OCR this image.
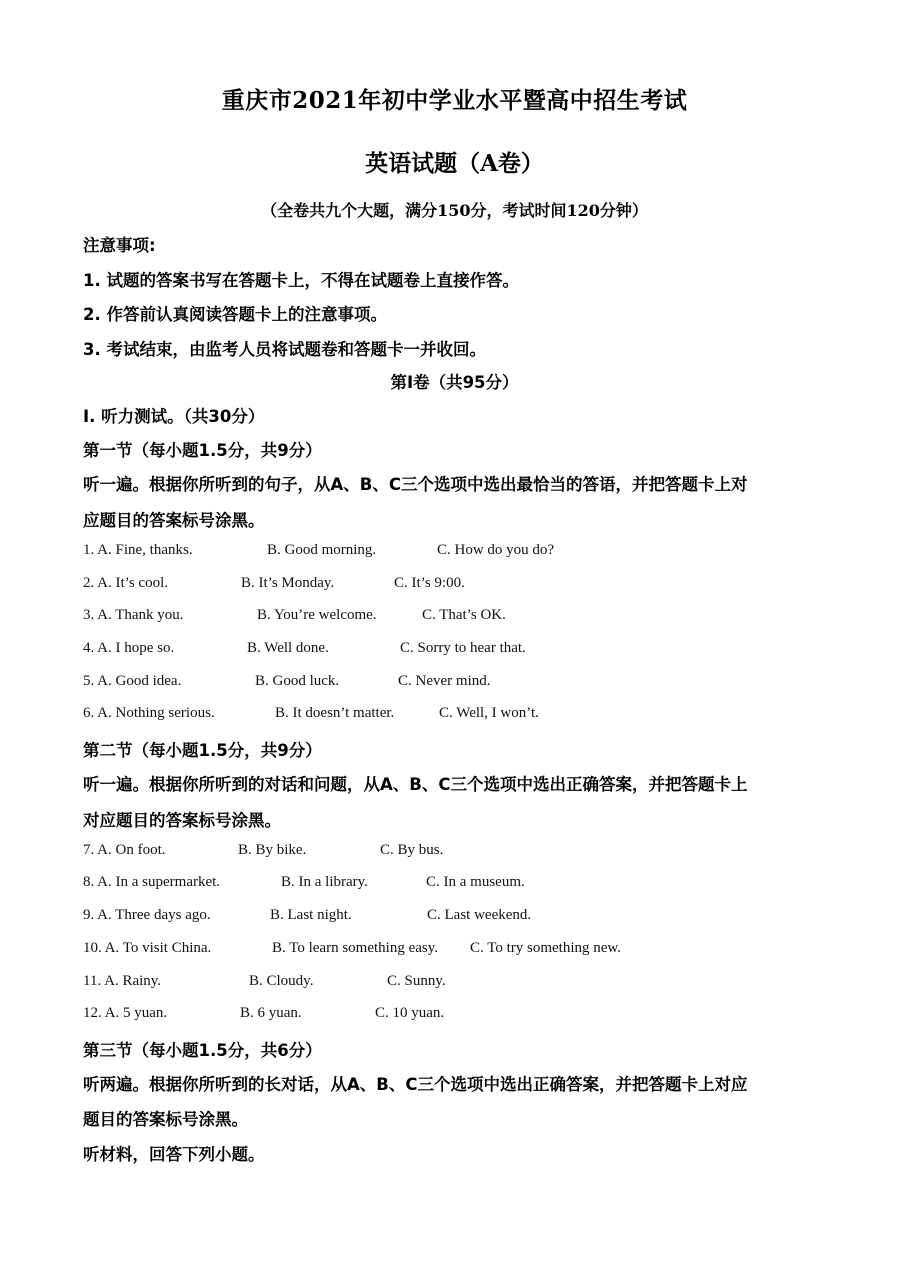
重庆市2021年初中学业水平暨高中招生考试
英语试题（A卷）
（全卷共九个大题，满分150分，考试时间120分钟）
注意事项:
1. 试题的答案书写在答题卡上，不得在试题卷上直接作答。
2. 作答前认真阅读答题卡上的注意事项。
3. 考试结束，由监考人员将试题卷和答题卡一并收回。
第I卷（共95分）
I. 听力测试。（共30分）
第一节（每小题1.5分，共9分）
听一遍。根据你所听到的句子，从A、B、C三个选项中选出最恰当的答语，并把答题卡上对
应题目的答案标号涂黑。
1. A. Fine, thanks.	B. Good morning.	C. How do you do?
2. A. It’s cool.	B. It’s Monday.	C. It’s 9:00.
3. A. Thank you.	B. You’re welcome.	C. That’s OK.
4. A. I hope so.	B. Well done.	C. Sorry to hear that.
5. A. Good idea.	B. Good luck.	C. Never mind.
6. A. Nothing serious.	B. It doesn’t matter.	C. Well, I won’t.
第二节（每小题1.5分，共9分）
听一遍。根据你所听到的对话和问题，从A、B、C三个选项中选出正确答案，并把答题卡上
对应题目的答案标号涂黑。
7. A. On foot.	B. By bike.	C. By bus.
8. A. In a supermarket.	B. In a library.	C. In a museum.
9. A. Three days ago.	B. Last night.	C. Last weekend.
10. A. To visit China.	B. To learn something easy. C. To try something new.
11. A. Rainy.	B. Cloudy.	C. Sunny.
12. A. 5 yuan.	B. 6 yuan.	C. 10 yuan.
第三节（每小题1.5分，共6分）
听两遍。根据你所听到的长对话，从A、B、C三个选项中选出正确答案，并把答题卡上对应
题目的答案标号涂黑。
听材料，回答下列小题。
